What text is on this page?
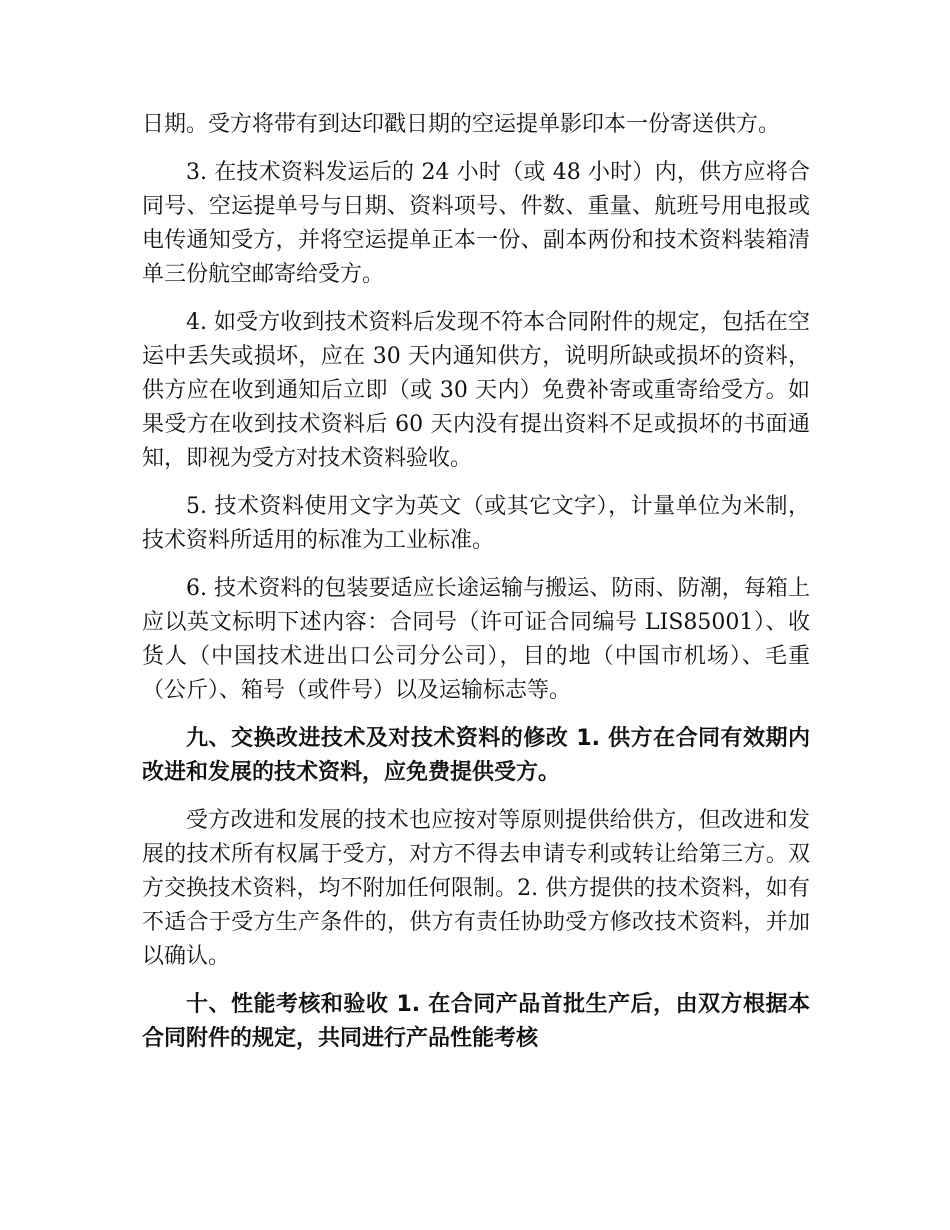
日期。受方将带有到达印戳日期的空运提单影印本一份寄送供方。

3. 在技术资料发运后的 24 小时（或 48 小时）内，供方应将合同号、空运提单号与日期、资料项号、件数、重量、航班号用电报或电传通知受方，并将空运提单正本一份、副本两份和技术资料装箱清单三份航空邮寄给受方。

4. 如受方收到技术资料后发现不符本合同附件的规定，包括在空运中丢失或损坏，应在 30 天内通知供方，说明所缺或损坏的资料，供方应在收到通知后立即（或 30 天内）免费补寄或重寄给受方。如果受方在收到技术资料后 60 天内没有提出资料不足或损坏的书面通知，即视为受方对技术资料验收。

5. 技术资料使用文字为英文（或其它文字），计量单位为米制，技术资料所适用的标准为工业标准。

6. 技术资料的包装要适应长途运输与搬运、防雨、防潮，每箱上应以英文标明下述内容：合同号（许可证合同编号 LIS85001）、收货人（中国技术进出口公司分公司），目的地（中国市机场）、毛重（公斤）、箱号（或件号）以及运输标志等。

九、交换改进技术及对技术资料的修改 1. 供方在合同有效期内改进和发展的技术资料，应免费提供受方。

受方改进和发展的技术也应按对等原则提供给供方，但改进和发展的技术所有权属于受方，对方不得去申请专利或转让给第三方。双方交换技术资料，均不附加任何限制。2. 供方提供的技术资料，如有不适合于受方生产条件的，供方有责任协助受方修改技术资料，并加以确认。

十、性能考核和验收 1. 在合同产品首批生产后，由双方根据本合同附件的规定，共同进行产品性能考核
